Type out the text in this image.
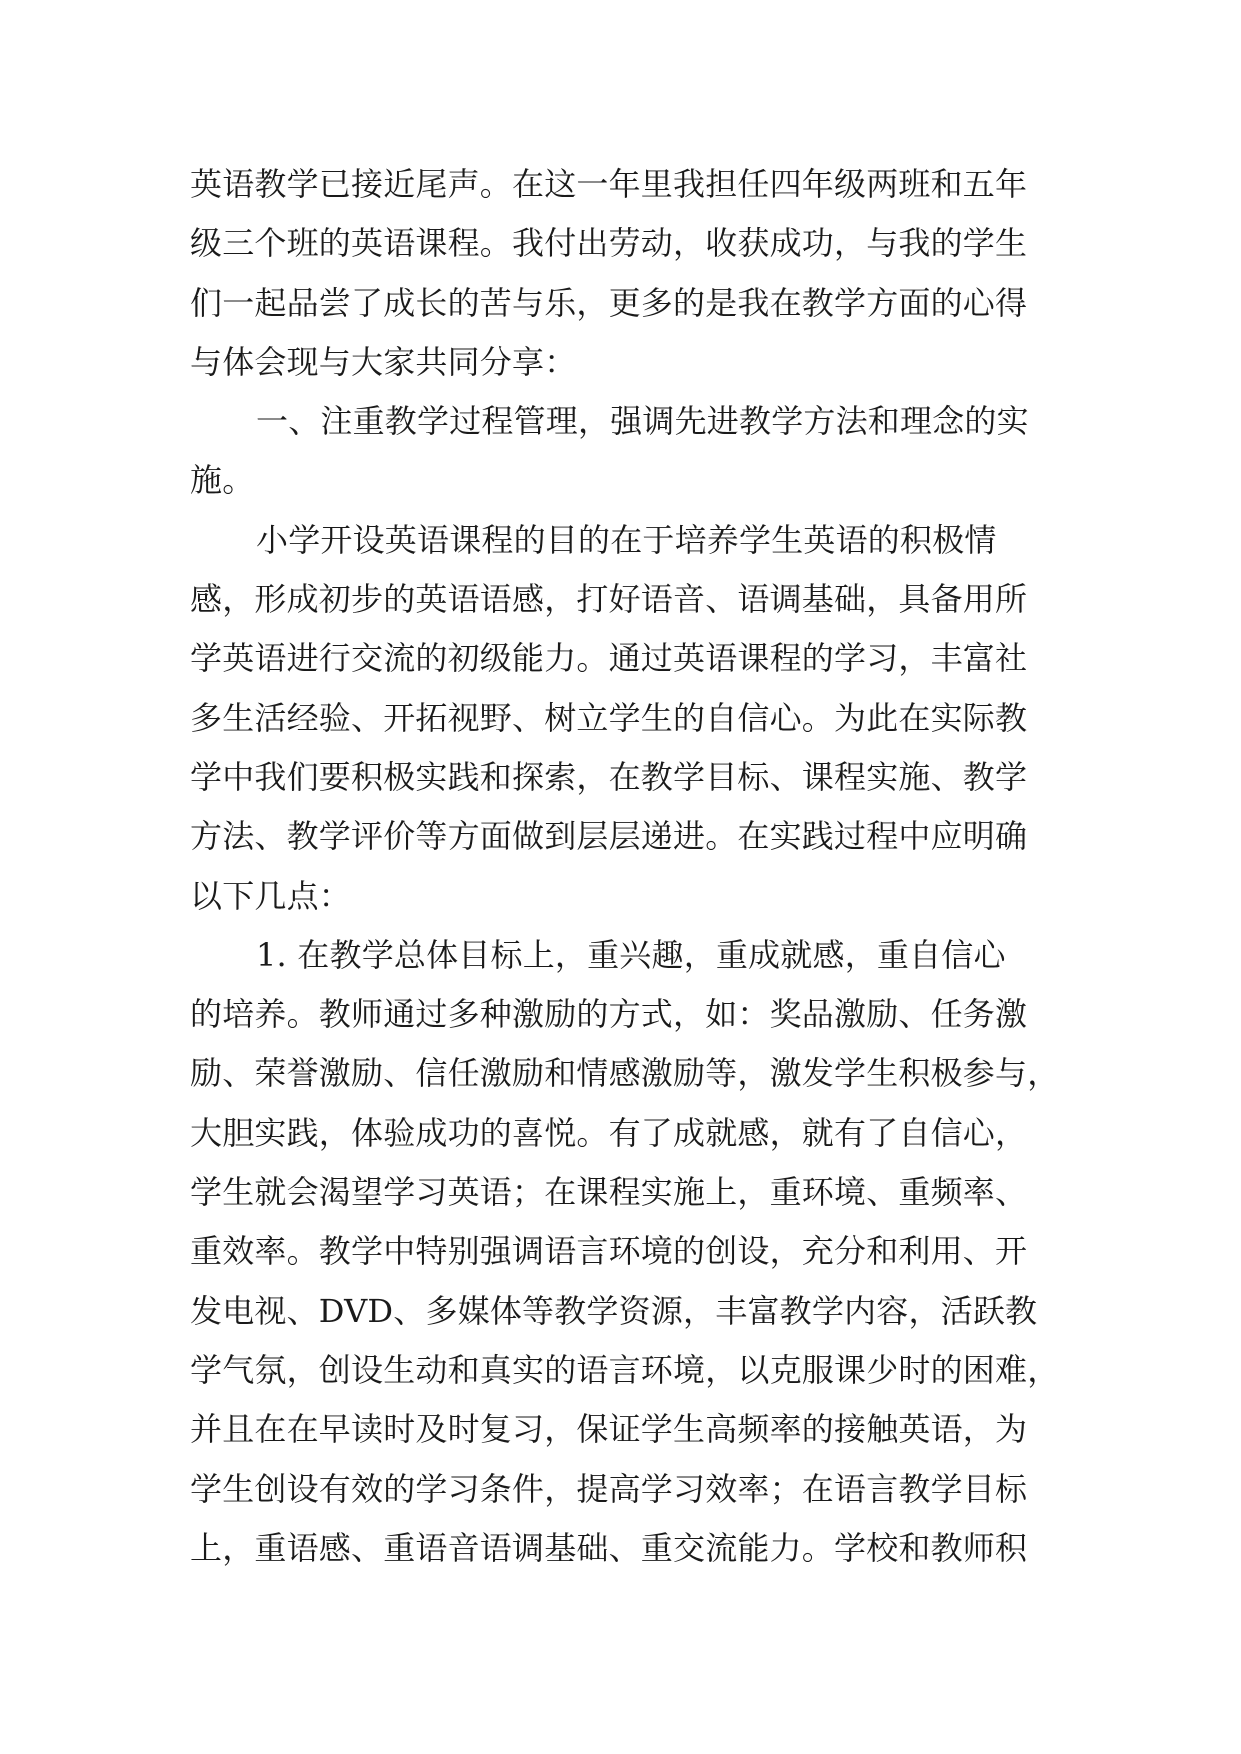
英语教学已接近尾声。在这一年里我担任四年级两班和五年
级三个班的英语课程。我付出劳动，收获成功，与我的学生
们一起品尝了成长的苦与乐，更多的是我在教学方面的心得
与体会现与大家共同分享：
一、注重教学过程管理，强调先进教学方法和理念的实
施。
小学开设英语课程的目的在于培养学生英语的积极情
感，形成初步的英语语感，打好语音、语调基础，具备用所
学英语进行交流的初级能力。通过英语课程的学习，丰富社
多生活经验、开拓视野、树立学生的自信心。为此在实际教
学中我们要积极实践和探索，在教学目标、课程实施、教学
方法、教学评价等方面做到层层递进。在实践过程中应明确
以下几点：
1. 在教学总体目标上，重兴趣，重成就感，重自信心
的培养。教师通过多种激励的方式，如：奖品激励、任务激
励、荣誉激励、信任激励和情感激励等，激发学生积极参与，
大胆实践，体验成功的喜悦。有了成就感，就有了自信心，
学生就会渴望学习英语；在课程实施上，重环境、重频率、
重效率。教学中特别强调语言环境的创设，充分和利用、开
发电视、DVD、多媒体等教学资源，丰富教学内容，活跃教
学气氛，创设生动和真实的语言环境，以克服课少时的困难，
并且在在早读时及时复习，保证学生高频率的接触英语，为
学生创设有效的学习条件，提高学习效率；在语言教学目标
上，重语感、重语音语调基础、重交流能力。学校和教师积
